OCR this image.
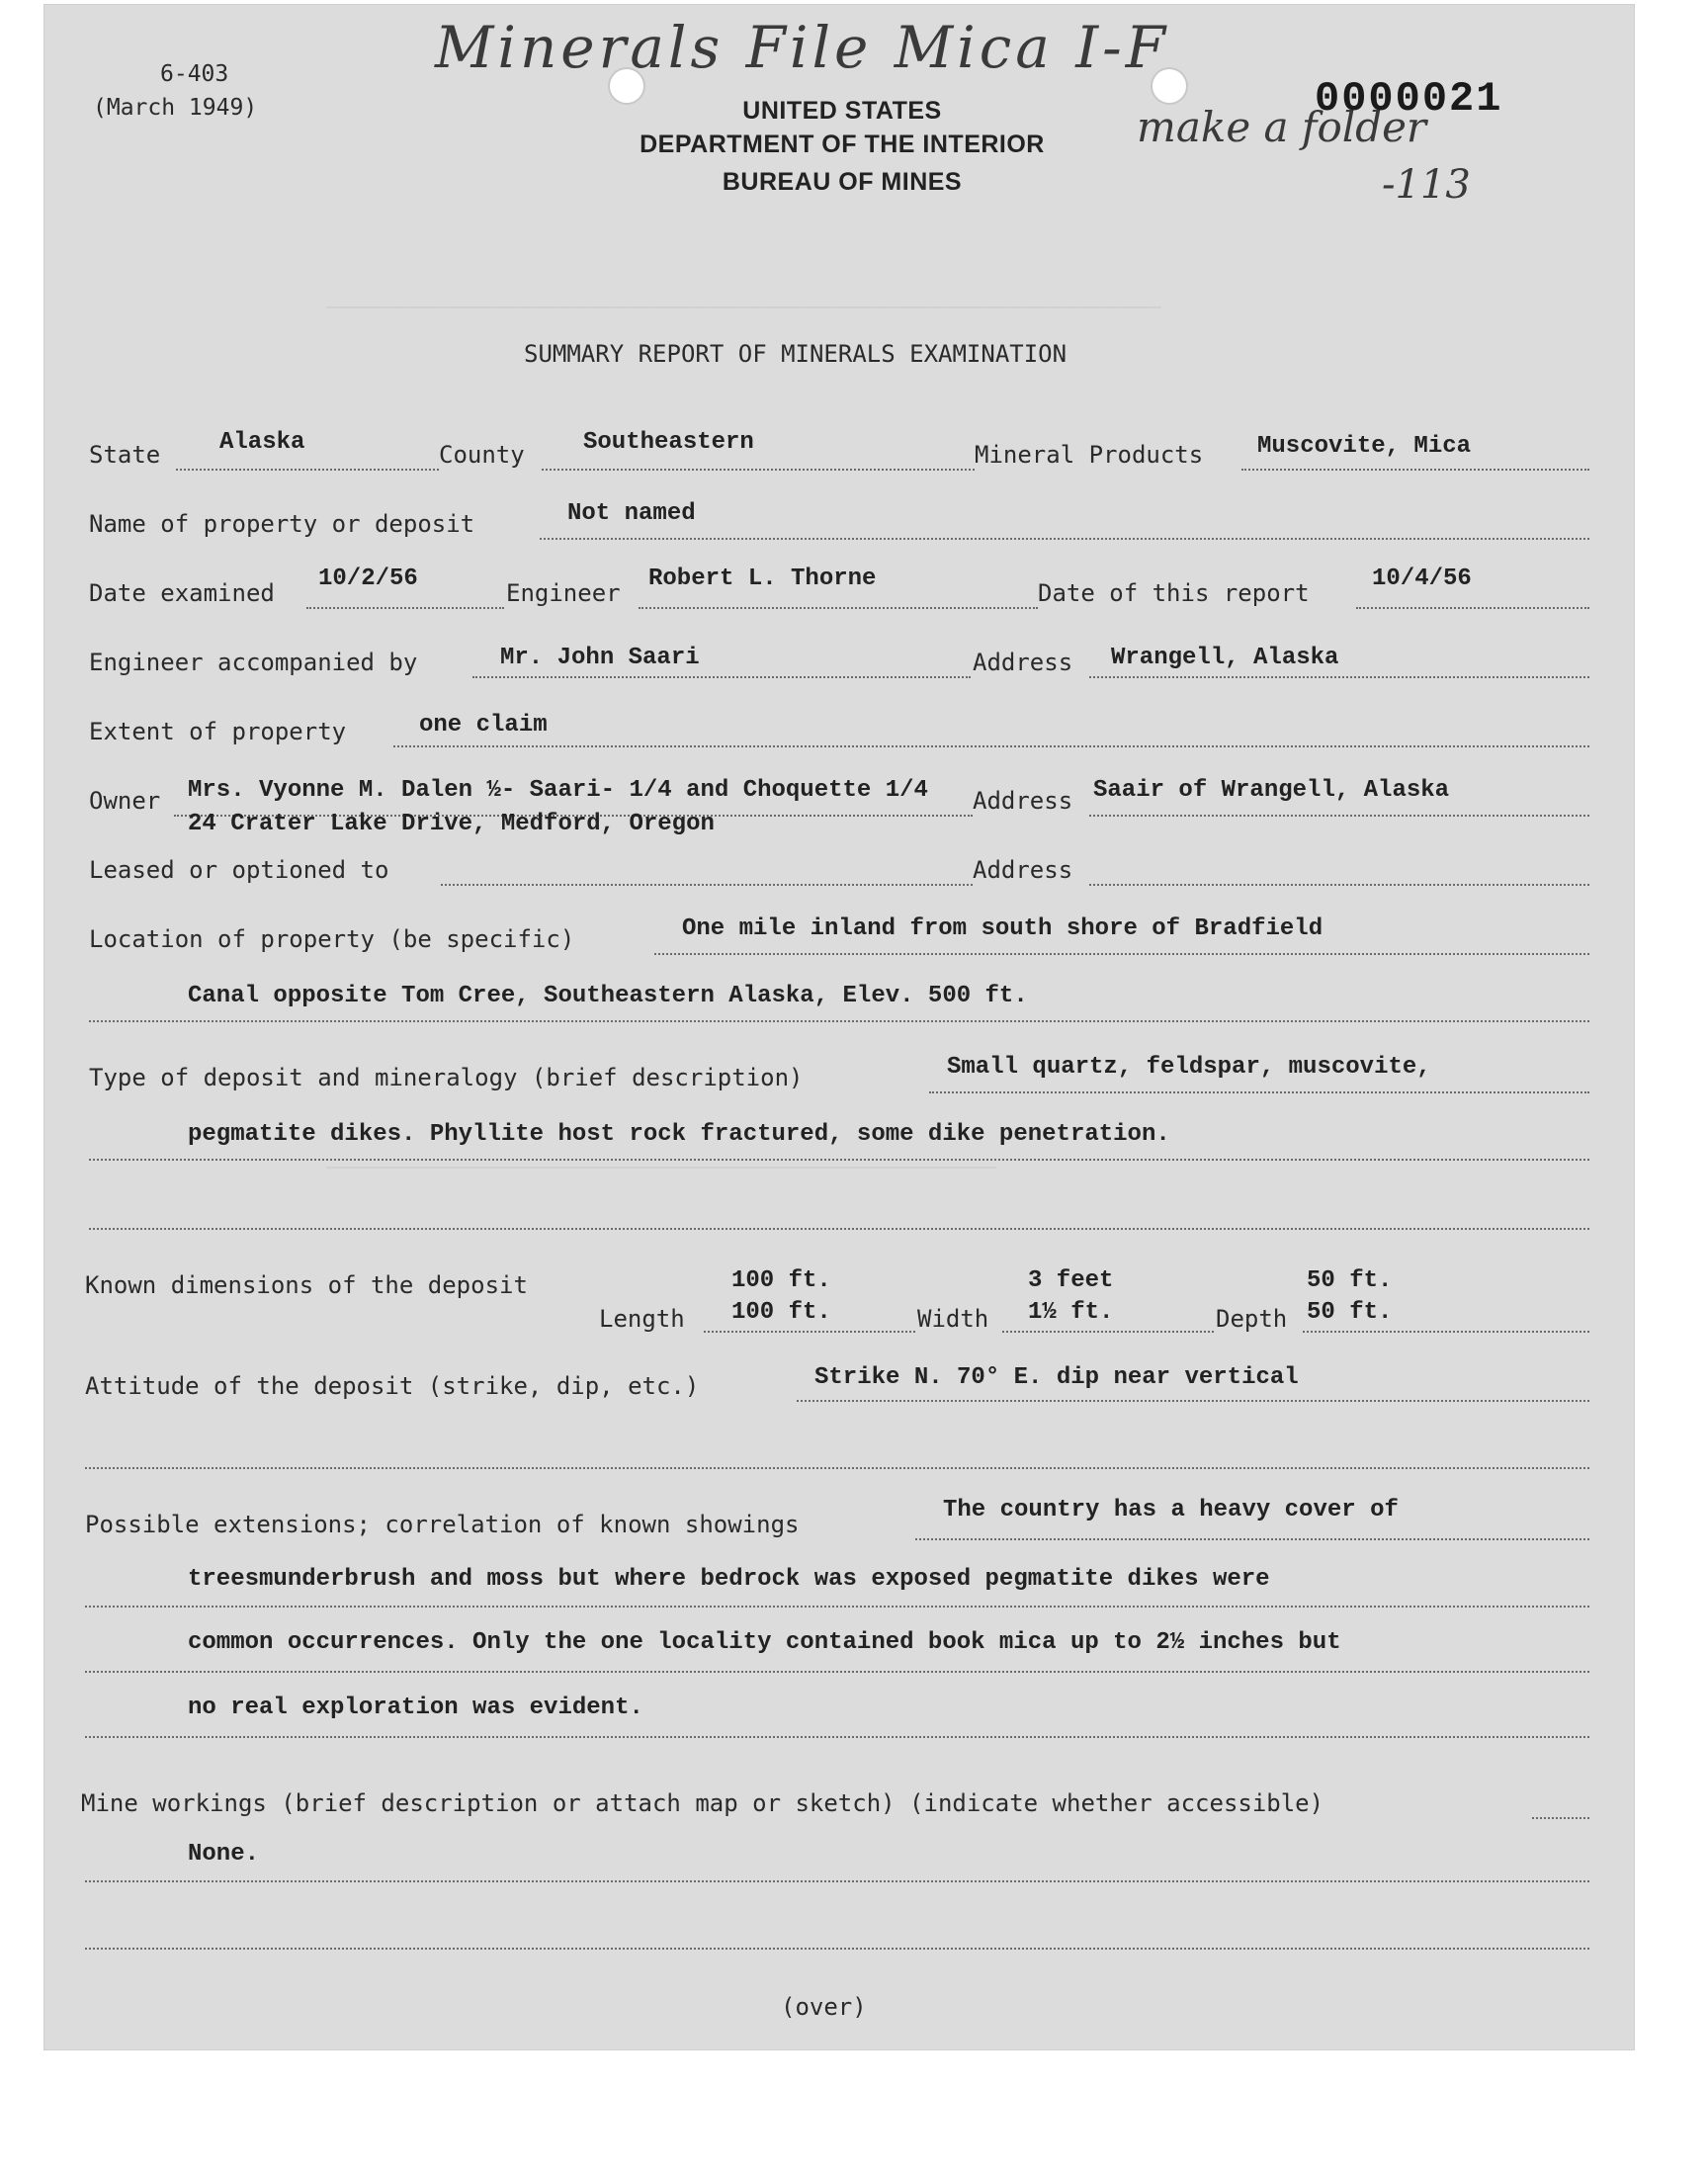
_____________________________________________________________
_________________________________________________
6-403
(March 1949)
Minerals File Mica I-F
make a folder
-113
0000021
UNITED STATES
DEPARTMENT OF THE INTERIOR
BUREAU OF MINES
SUMMARY REPORT OF MINERALS EXAMINATION
State Alaska	County Southeastern	Mineral Products Muscovite, Mica
Name of property or deposit	Not named
Date examined
10/2/56
Engineer
Robert L. Thorne
Date of this report
10/4/56
Engineer accompanied by	Mr. John Saari	Address Wrangell, Alaska
Extent of property	one claim
Owner Mrs. Vyonne M. Dalen ½- Saari- 1/4 and Choquette 1/4 Address Saair of Wrangell, Alaska
24 Crater Lake Drive, Medford, Oregon
Leased or optioned to	Address
Location of property (be specific)	One mile inland from south shore of Bradfield
Canal opposite Tom Cree, Southeastern Alaska, Elev. 500 ft.
Type of deposit and mineralogy (brief description)	Small quartz, feldspar, muscovite,
pegmatite dikes. Phyllite host rock fractured, some dike penetration.
Known dimensions of the deposit	100 ft.	3 feet	50 ft.
Length 100 ft.	Width 1½ ft.	Depth 50 ft.
Attitude of the deposit (strike, dip, etc.)	Strike N. 70° E. dip near vertical
Possible extensions; correlation of known showings
The country has a heavy cover of
treesmunderbrush and moss but where bedrock was exposed pegmatite dikes were
common occurrences. Only the one locality contained book mica up to 2½ inches but
no real exploration was evident.
Mine workings (brief description or attach map or sketch) (indicate whether accessible)
None.
(over)
